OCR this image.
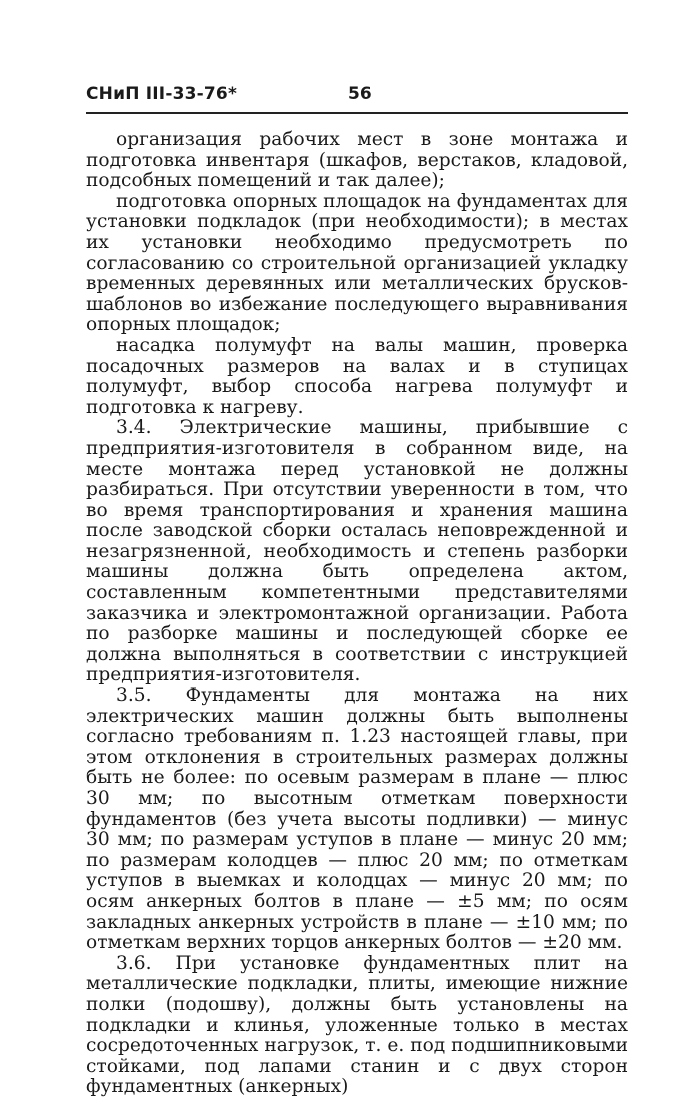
СНиП III-33-76*	56

организация рабочих мест в зоне монтажа и подготовка инвентаря (шкафов, верстаков, кладовой, подсобных помещений и так далее);

подготовка опорных площадок на фундаментах для установки подкладок (при необходимости); в местах их установки необходимо предусмотреть по согласованию со строительной организацией укладку временных деревянных или металлических брусков-шаблонов во избежание последующего выравнивания опорных площадок;

насадка полумуфт на валы машин, проверка посадочных размеров на валах и в ступицах полумуфт, выбор способа нагрева полумуфт и подготовка к нагреву.

3.4. Электрические машины, прибывшие с предприятия-изготовителя в собранном виде, на месте монтажа перед установкой не должны разбираться. При отсутствии уверенности в том, что во время транспортирования и хранения машина после заводской сборки осталась неповрежденной и незагрязненной, необходимость и степень разборки машины должна быть определена актом, составленным компетентными представителями заказчика и электромонтажной организации. Работа по разборке машины и последующей сборке ее должна выполняться в соответствии с инструкцией предприятия-изготовителя.

3.5. Фундаменты для монтажа на них электрических машин должны быть выполнены согласно требованиям п. 1.23 настоящей главы, при этом отклонения в строительных размерах должны быть не более: по осевым размерам в плане — плюс 30 мм; по высотным отметкам поверхности фундаментов (без учета высоты подливки) — минус 30 мм; по размерам уступов в плане — минус 20 мм; по размерам колодцев — плюс 20 мм; по отметкам уступов в выемках и колодцах — минус 20 мм; по осям анкерных болтов в плане — ±5 мм; по осям закладных анкерных устройств в плане — ±10 мм; по отметкам верхних торцов анкерных болтов — ±20 мм.

3.6. При установке фундаментных плит на металлические подкладки, плиты, имеющие нижние полки (подошву), должны быть установлены на подкладки и клинья, уложенные только в местах сосредоточенных нагрузок, т. е. под подшипниковыми стойками, под лапами станин и с двух сторон фундаментных (анкерных)
